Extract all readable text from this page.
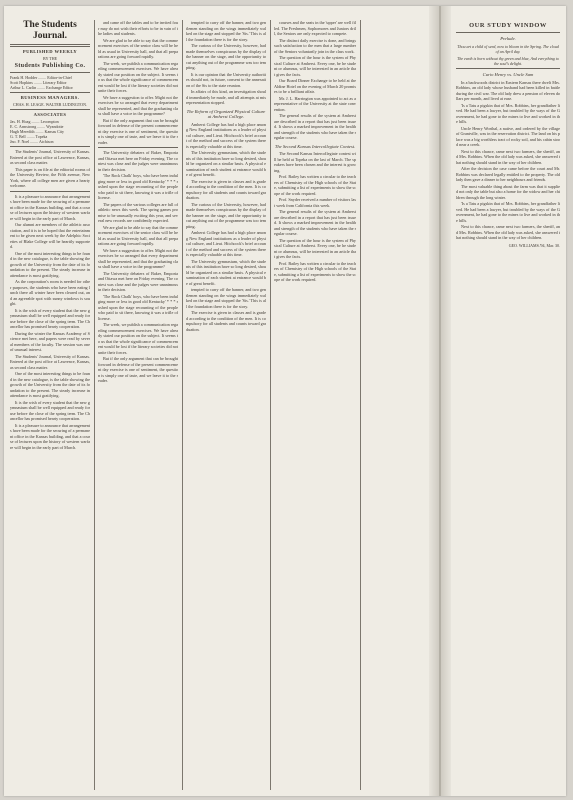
The Students Journal.
PUBLISHED WEEKLY
BY THE
Students Publishing Co.
Frank H. Hodder ........ Editor-in-Chief
Scott Hopkins ........ Literary Editor
Arthur L. Carlin ........ Exchange Editor
BUSINESS MANAGERS.
CHAS. H. LEAGE. WALTER LUDINGTON.
ASSOCIATES
Jas. H. Hoag ........ Lecompton
E. C. Armstrong ........ Wyandotte
Hugh Meredith ........ Kansas City
G. T. Bell ........ Topeka
Jno. F. Noel ........ Atchison

The Students' Journal, University of Kansas. Entered at the post office at Lawrence, Kansas, as second class matter.

This paper is on file at the editorial rooms of the University Review, the Fifth avenue, New York, where all college men are given a hearty welcome.

It is a pleasure to announce that arrangements have been made for the securing of a permanent office in the Kansas building, and that a course of lectures upon the history of western warfare will begin in the early part of March.

Our alumni are members of the athletic association, and it is to be hoped that the entertainment to be given next week by the Adelphic Societies of Blake College will be heartily supported.

One of the most interesting things to be found in the new catalogue, is the table showing the growth of the University from the date of its foundation to the present. The steady increase in attendance is most gratifying.

As the corporation's room is needed for other purposes, the students who have been eating lunch there all winter have been cleared out, and an agreeable spot with sunny windows is sought.

It is the wish of every student that the new gymnasium shall be well equipped and ready for use before the close of the spring term. The Chancellor has promised hearty cooperation.

During the winter the Kansas Academy of Science met here, and papers were read by several members of the faculty. The session was one of unusual interest.

The Students' Journal, University of Kansas. Entered at the post office at Lawrence, Kansas, as second class matter.

One of the most interesting things to be found in the new catalogue, is the table showing the growth of the University from the date of its foundation to the present. The steady increase in attendance is most gratifying.

It is the wish of every student that the new gymnasium shall be well equipped and ready for use before the close of the spring term. The Chancellor has promised hearty cooperation.

It is a pleasure to announce that arrangements have been made for the securing of a permanent office in the Kansas building, and that a course of lectures upon the history of western warfare will begin in the early part of March.

and came off the tables and to be invited four may do not wish their efforts to be in vain of the ladies and students.

We are glad to be able to say that the commencement exercises of the senior class will be held as usual in University hall, and that all preparations are going forward rapidly.

The week, we publish a communication regarding commencement exercises. We have already stated our position on the subject. It seems to us that the whole significance of commencement would be lost if the literary societies did not unite their forces.

We have a suggestion to offer. Might not the exercises be so arranged that every department shall be represented, and that the graduating class shall have a voice in the programme?

But if the only argument that can be brought forward in defense of the present commencement day exercise is one of sentiment, the question is simply one of taste, and we leave it to the reader.

The University debaters of Baker, Emporia and Ottawa met here on Friday evening. The contest was close and the judges were unanimous in their decision.

'The Rock Chalk' boys, who have been indulging more or less in good old Kentucky' * * * rushed upon the stage recounting of the people who paid to sit there, knowing it was a trifle of license.

The papers of the various colleges are full of athletic news this week. The spring games promise to be unusually exciting this year, and several new records are confidently expected.

We are glad to be able to say that the commencement exercises of the senior class will be held as usual in University hall, and that all preparations are going forward rapidly.

We have a suggestion to offer. Might not the exercises be so arranged that every department shall be represented, and that the graduating class shall have a voice in the programme?

The University debaters of Baker, Emporia and Ottawa met here on Friday evening. The contest was close and the judges were unanimous in their decision.

'The Rock Chalk' boys, who have been indulging more or less in good old Kentucky' * * * rushed upon the stage recounting of the people who paid to sit there, knowing it was a trifle of license.

The week, we publish a communication regarding commencement exercises. We have already stated our position on the subject. It seems to us that the whole significance of commencement would be lost if the literary societies did not unite their forces.

But if the only argument that can be brought forward in defense of the present commencement day exercise is one of sentiment, the question is simply one of taste, and we leave it to the reader.

tempted to carry off the banner, and two gentlemen standing on the wings immediately walked on the stage and stopped the 'Sis.' This is all the foundation there is for the story.

The curious of the University, however, had made themselves conspicuous by the display of the banner on the stage, and the opportunity to cut anything out of the programme was too tempting.

It is our opinion that the University authorities should not, in future, consent to the annexation of the Sis to the state reunion.

In affairs of this kind, an investigation should immediately be made, and all attempts at misrepresentation stopped.

The Reform of Organized Physical Culture at Amherst College.

Amherst College has had a high place among New England institutions as a leader of physical culture, and Lieut. Hitchcock's brief account of the method and success of the system there is especially valuable at this time.

The University gymnasium, which the students of this institution have so long desired, should be organized on a similar basis. A physical examination of each student at entrance would be of great benefit.

The exercise is given in classes and is graded according to the condition of the men. It is compulsory for all students and counts toward graduation.

The curious of the University, however, had made themselves conspicuous by the display of the banner on the stage, and the opportunity to cut anything out of the programme was too tempting.

Amherst College has had a high place among New England institutions as a leader of physical culture, and Lieut. Hitchcock's brief account of the method and success of the system there is especially valuable at this time.

The University gymnasium, which the students of this institution have so long desired, should be organized on a similar basis. A physical examination of each student at entrance would be of great benefit.

tempted to carry off the banner, and two gentlemen standing on the wings immediately walked on the stage and stopped the 'Sis.' This is all the foundation there is for the story.

The exercise is given in classes and is graded according to the condition of the men. It is compulsory for all students and counts toward graduation.

courses and the seats in the 'upper' are well filled. The Freshmen, Sophomores and Juniors drill, the Seniors are only expected to compete.

The distinct daily exercise is done, and brings such satisfaction to the men that a large number of the Seniors voluntarily join in the class work.

The question of the hour is the system of Physical Culture at Amherst. Every one, be he student or alumnus, will be interested in an article that gives the facts.

Our Board Dinner Exchange to be held at the Aldine Hotel on the evening of March 20 promises to be a brilliant affair.

Mr. J. L. Harrington was appointed to act as a representative of the University at the state convention.

The general results of the system at Amherst are described in a report that has just been issued. It shows a marked improvement in the health and strength of the students who have taken the regular course.

The Second Kansas Intercollegiate Contest.

The Second Kansas Intercollegiate contest will be held at Topeka on the last of March. The speakers have been chosen and the interest is growing.

Prof. Bailey has written a circular to the teachers of Chemistry of the High schools of the State, submitting a list of experiments to show the scope of the work required.

Prof. Snyder received a number of visitors last week from California this week.

The general results of the system at Amherst are described in a report that has just been issued. It shows a marked improvement in the health and strength of the students who have taken the regular course.

The question of the hour is the system of Physical Culture at Amherst. Every one, be he student or alumnus, will be interested in an article that gives the facts.

Prof. Bailey has written a circular to the teachers of Chemistry of the High schools of the State, submitting a list of experiments to show the scope of the work required.

OUR STUDY WINDOW
Prelude.
Thou art a child of seed, now to bloom in the Spring. The cloud of an April day.
The earth is born without thy green and blue, And everything to the soul's delight.
Curio Henry vs. Uncle Sam

In a backwoods district in Eastern Kansas there dwelt Mrs. Robbins, an old lady whose husband had been killed in battle during the civil war. The old lady drew a pension of eleven dollars per month, and lived at ease.

'Is a Tatu a pigskin that of Mrs. Robbins, her grandfather lived. He had been a lawyer, but troubled by the ways of the Government, he had gone to the mines to live and worked in the hills.

Uncle Henry Worthal, a native, and ordered by the village of Grantville, was in the reservation district. The land on his place was a big worthless tract of rocky soil, and his cabin stood near a creek.

Next to this chance, came next two farmers, the sheriff, and Mrs. Robbins. When the old lady was asked, she answered that nothing should stand in the way of her children.

After the decision the case came before the court and Mr. Robbins was declared legally entitled to the property. The old lady then gave a dinner to her neighbours and friends.

The most valuable thing about the farm was that it supplied not only the table but also a home for the widow and her children through the long winter.

'Is a Tatu a pigskin that of Mrs. Robbins, her grandfather lived. He had been a lawyer, but troubled by the ways of the Government, he had gone to the mines to live and worked in the hills.

Next to this chance, came next two farmers, the sheriff, and Mrs. Robbins. When the old lady was asked, she answered that nothing should stand in the way of her children.

GEO. WILLIAMS.'94, Mar. 30.
